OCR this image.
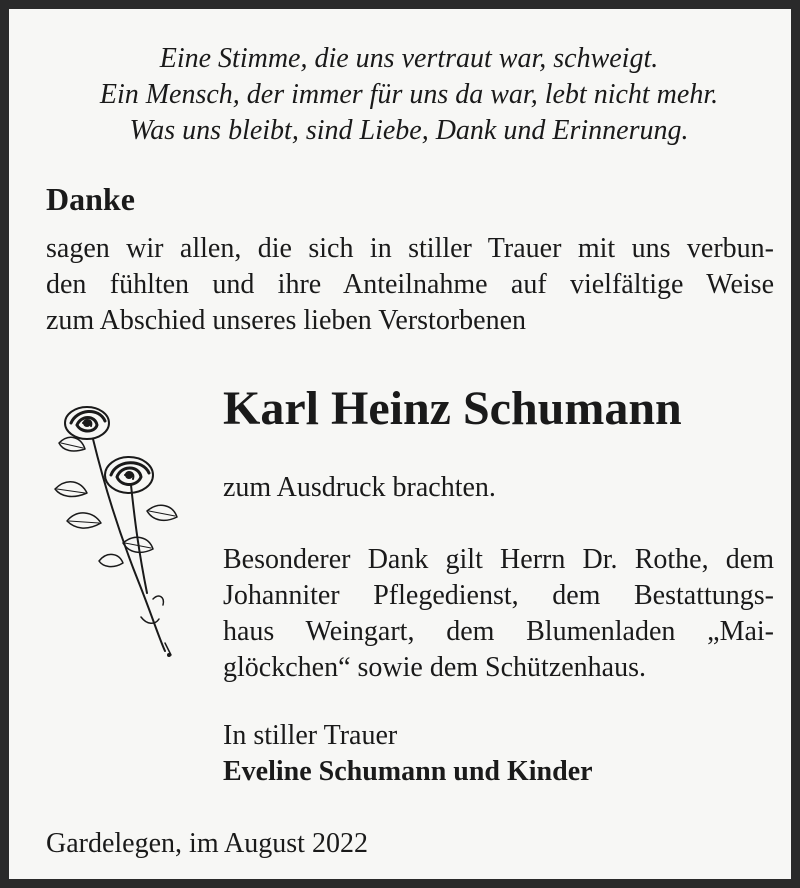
Eine Stimme, die uns vertraut war, schweigt.
Ein Mensch, der immer für uns da war, lebt nicht mehr.
Was uns bleibt, sind Liebe, Dank und Erinnerung.
Danke
sagen wir allen, die sich in stiller Trauer mit uns verbun-
den fühlten und ihre Anteilnahme auf vielfältige Weise
zum Abschied unseres lieben Verstorbenen
Karl Heinz Schumann
zum Ausdruck brachten.
Besonderer Dank gilt Herrn Dr. Rothe, dem
Johanniter Pflegedienst, dem Bestattungs-
haus Weingart, dem Blumenladen „Mai-
glöckchen“ sowie dem Schützenhaus.
In stiller Trauer
Eveline Schumann und Kinder
Gardelegen, im August 2022
